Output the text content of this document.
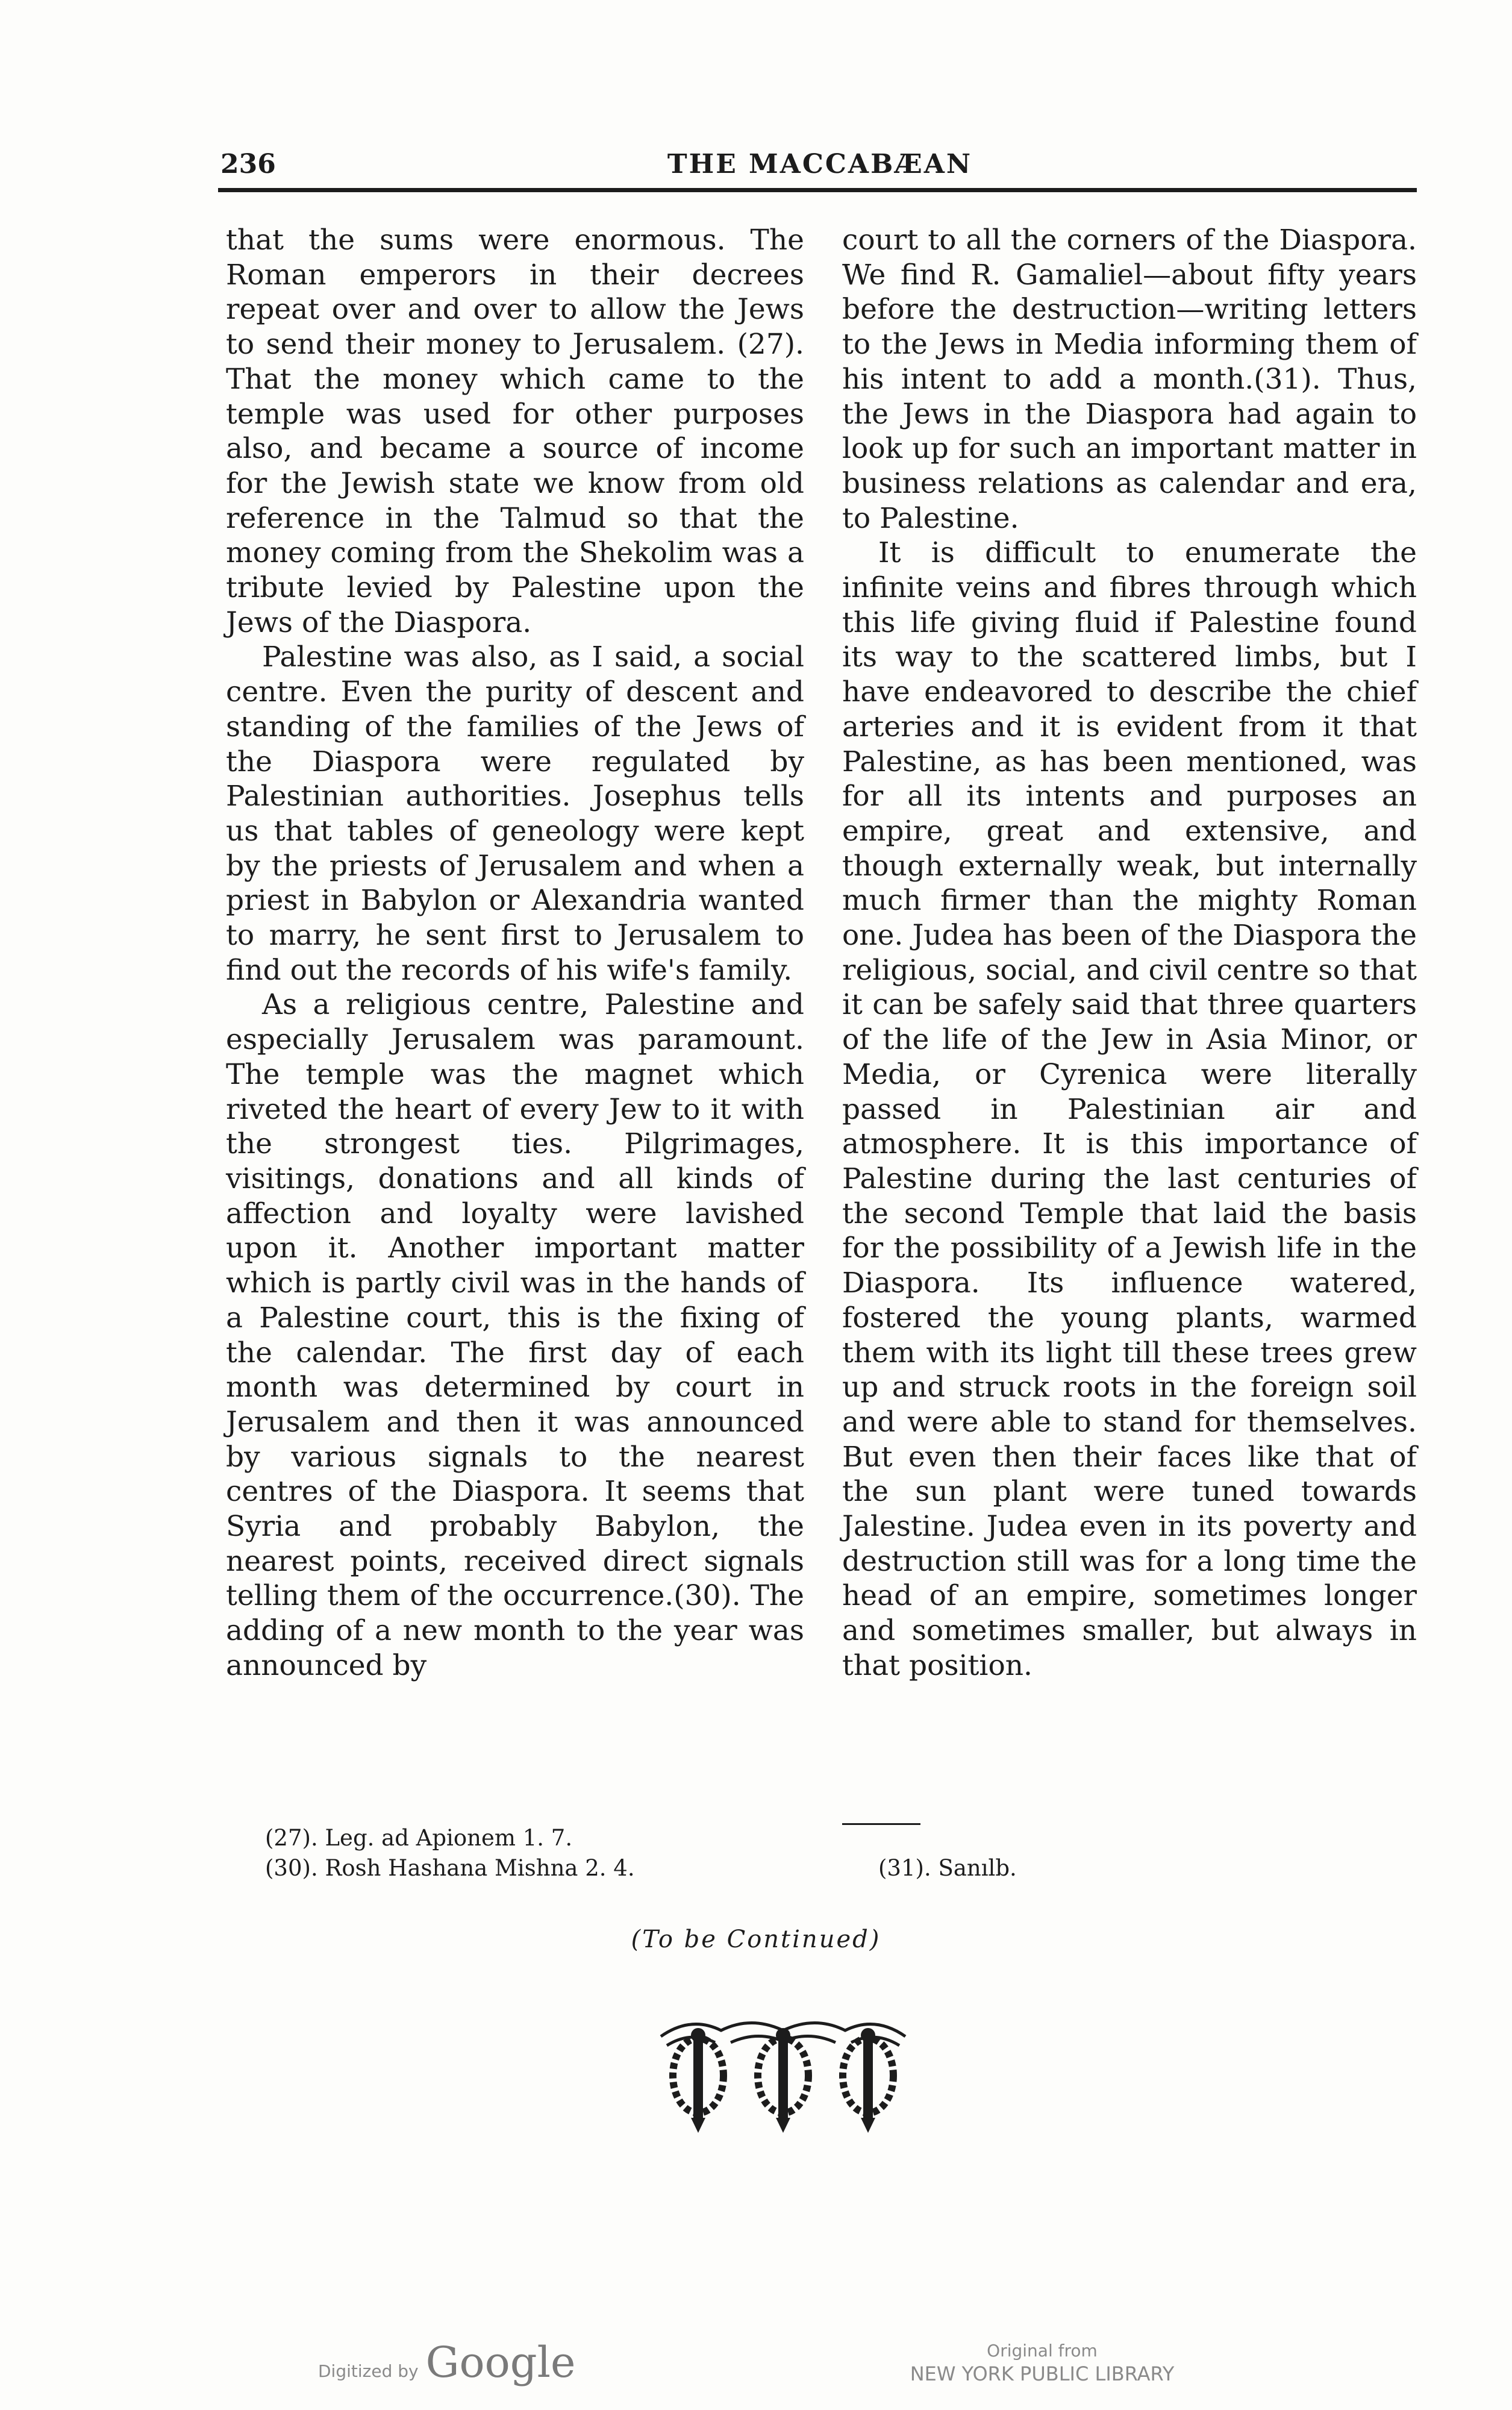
236	THE MACCABÆAN

that the sums were enormous. The Roman emperors in their decrees repeat over and over to allow the Jews to send their money to Jerusalem. (27). That the money which came to the temple was used for other purposes also, and became a source of income for the Jewish state we know from old reference in the Talmud so that the money coming from the Shekolim was a tribute levied by Palestine upon the Jews of the Diaspora.

Palestine was also, as I said, a social centre. Even the purity of descent and standing of the families of the Jews of the Diaspora were regulated by Palestinian authorities. Josephus tells us that tables of geneology were kept by the priests of Jerusalem and when a priest in Babylon or Alexandria wanted to marry, he sent first to Jerusalem to find out the records of his wife's family.

As a religious centre, Palestine and especially Jerusalem was paramount. The temple was the magnet which riveted the heart of every Jew to it with the strongest ties. Pilgrimages, visitings, donations and all kinds of affection and loyalty were lavished upon it. Another important matter which is partly civil was in the hands of a Palestine court, this is the fixing of the calendar. The first day of each month was determined by court in Jerusalem and then it was announced by various signals to the nearest centres of the Diaspora. It seems that Syria and probably Babylon, the nearest points, received direct signals telling them of the occurrence.(30). The adding of a new month to the year was announced by

court to all the corners of the Diaspora. We find R. Gamaliel—about fifty years before the destruction—writing letters to the Jews in Media informing them of his intent to add a month.(31). Thus, the Jews in the Diaspora had again to look up for such an important matter in business relations as calendar and era, to Palestine.

It is difficult to enumerate the infinite veins and fibres through which this life giving fluid if Palestine found its way to the scattered limbs, but I have endeavored to describe the chief arteries and it is evident from it that Palestine, as has been mentioned, was for all its intents and purposes an empire, great and extensive, and though externally weak, but internally much firmer than the mighty Roman one. Judea has been of the Diaspora the religious, social, and civil centre so that it can be safely said that three quarters of the life of the Jew in Asia Minor, or Media, or Cyrenica were literally passed in Palestinian air and atmosphere. It is this importance of Palestine during the last centuries of the second Temple that laid the basis for the possibility of a Jewish life in the Diaspora. Its influence watered, fostered the young plants, warmed them with its light till these trees grew up and struck roots in the foreign soil and were able to stand for themselves. But even then their faces like that of the sun plant were tuned towards Jalestine. Judea even in its poverty and destruction still was for a long time the head of an empire, sometimes longer and sometimes smaller, but always in that position.

(27). Leg. ad Apionem 1. 7.
(30). Rosh Hashana Mishna 2. 4.	(31). Sanılb.
(To be Continued)
Digitized by Google	Original from
NEW YORK PUBLIC LIBRARY
